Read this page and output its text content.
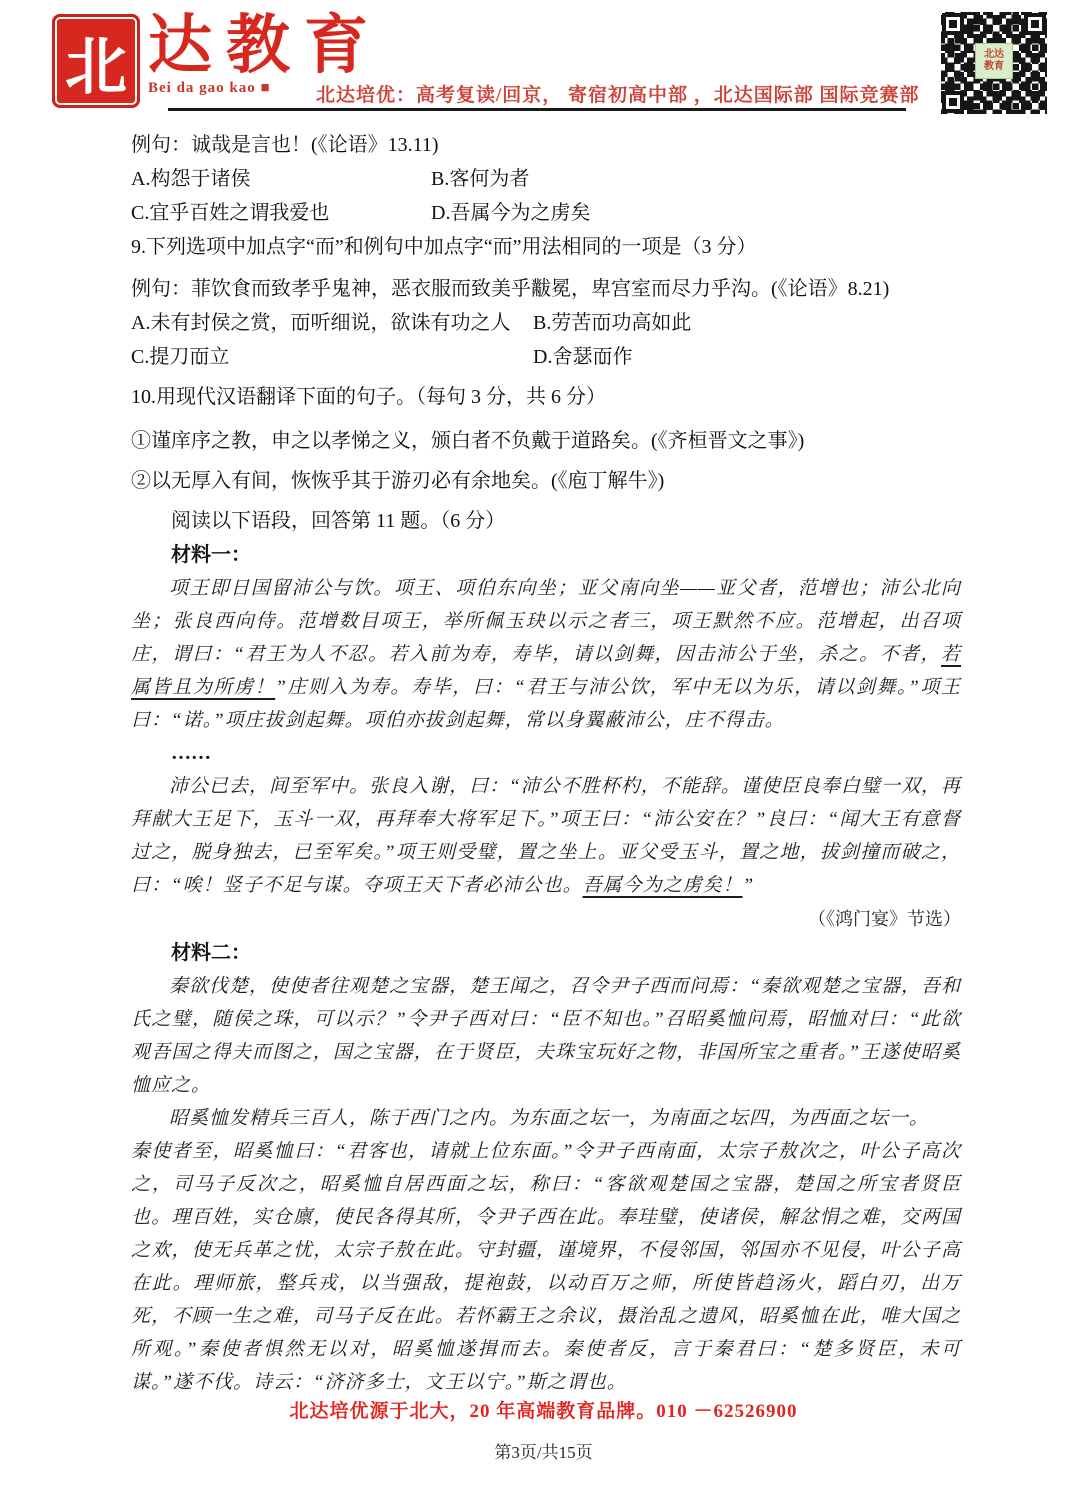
北 达教育
Bei da gao kao ■	北达培优：高考复读/回京， 寄宿初高中部 ，北达国际部 国际竞赛部
北达
教育

例句：诚哉是言也！(《论语》13.11)

A.构怨于诸侯	B.客何为者
C.宜乎百姓之谓我爱也	D.吾属今为之虏矣

9.下列选项中加点字“而”和例句中加点字“而”用法相同的一项是（3 分）

例句：菲饮食而致孝乎鬼神，恶衣服而致美乎黻冕，卑宫室而尽力乎沟。(《论语》8.21)

A.未有封侯之赏，而 •听细说，欲诛有功之人	B.劳苦而 •功高如此
C.提刀而 •立	D.舍瑟而 •作

10.用现代汉语翻译下面的句子。（每句 3 分，共 6 分）

①谨庠序之教，申之以孝悌之义，颁白者不负戴于道路矣。(《齐桓晋文之事》)

②以无厚入有间，恢恢乎其于游刃必有余地矣。(《庖丁解牛》)

阅读以下语段，回答第 11 题。（6 分）

材料一：

项王即日国留沛公与饮。项王、项伯东向坐；亚父南向坐——亚父者，范增也；沛公北向坐；张良西向侍。范增数目项王，举所佩玉玦以示之者三，项王默然不应。范增起，出召项庄，谓曰：“君王为人不忍。若入前为寿，寿毕，请以剑舞，因击沛公于坐，杀之。不者，若属皆且为所虏！”庄则入为寿。寿毕，曰：“君王与沛公饮，军中无以为乐，请以剑舞。”项王曰：“诺。”项庄拔剑起舞。项伯亦拔剑起舞，常以身翼蔽沛公，庄不得击。

……

沛公已去，间至军中。张良入谢，曰：“沛公不胜杯杓，不能辞。谨使臣良奉白璧一双，再拜献大王足下，玉斗一双，再拜奉大将军足下。”项王曰：“沛公安在？”良曰：“闻大王有意督过之，脱身独去，已至军矣。”项王则受璧，置之坐上。亚父受玉斗，置之地，拔剑撞而破之，曰：“唉！竖子不足与谋。夺项王天下者必沛公也。吾属今为之虏矣！”

（《鸿门宴》节选）

材料二：

秦欲伐楚，使使者往观楚之宝器，楚王闻之，召令尹子西而问焉：“秦欲观楚之宝器，吾和氏之璧，随侯之珠，可以示？”令尹子西对曰：“臣不知也。”召昭奚恤问焉，昭恤对曰：“此欲观吾国之得夫而图之，国之宝器，在于贤臣，夫珠宝玩好之物，非国所宝之重者。”王遂使昭奚恤应之。

昭奚恤发精兵三百人，陈于西门之内。为东面之坛一，为南面之坛四，为西面之坛一。

秦使者至，昭奚恤曰：“君客也，请就上位东面。”令尹子西南面，太宗子敖次之，叶公子高次之，司马子反次之，昭奚恤自居西面之坛，称曰：“客欲观楚国之宝器，楚国之所宝者贤臣也。理百姓，实仓廪，使民各得其所，令尹子西在此。奉珪璧，使诸侯，解忿悁之难，交两国之欢，使无兵革之忧，太宗子敖在此。守封疆，谨境界，不侵邻国，邻国亦不见侵，叶公子高在此。理师旅，整兵戎，以当强敌，提袍鼓，以动百万之师，所使皆趋汤火，蹈白刃，出万死，不顾一生之难，司马子反在此。若怀霸王之余议，摄治乱之遗风，昭奚恤在此，唯大国之所观。”秦使者惧然无以对，昭奚恤遂揖而去。秦使者反，言于秦君曰：“楚多贤臣，未可谋。”遂不伐。诗云：“济济多士，文王以宁。”斯之谓也。

北达培优源于北大，20 年高端教育品牌。010 －62526900
第3页/共15页
